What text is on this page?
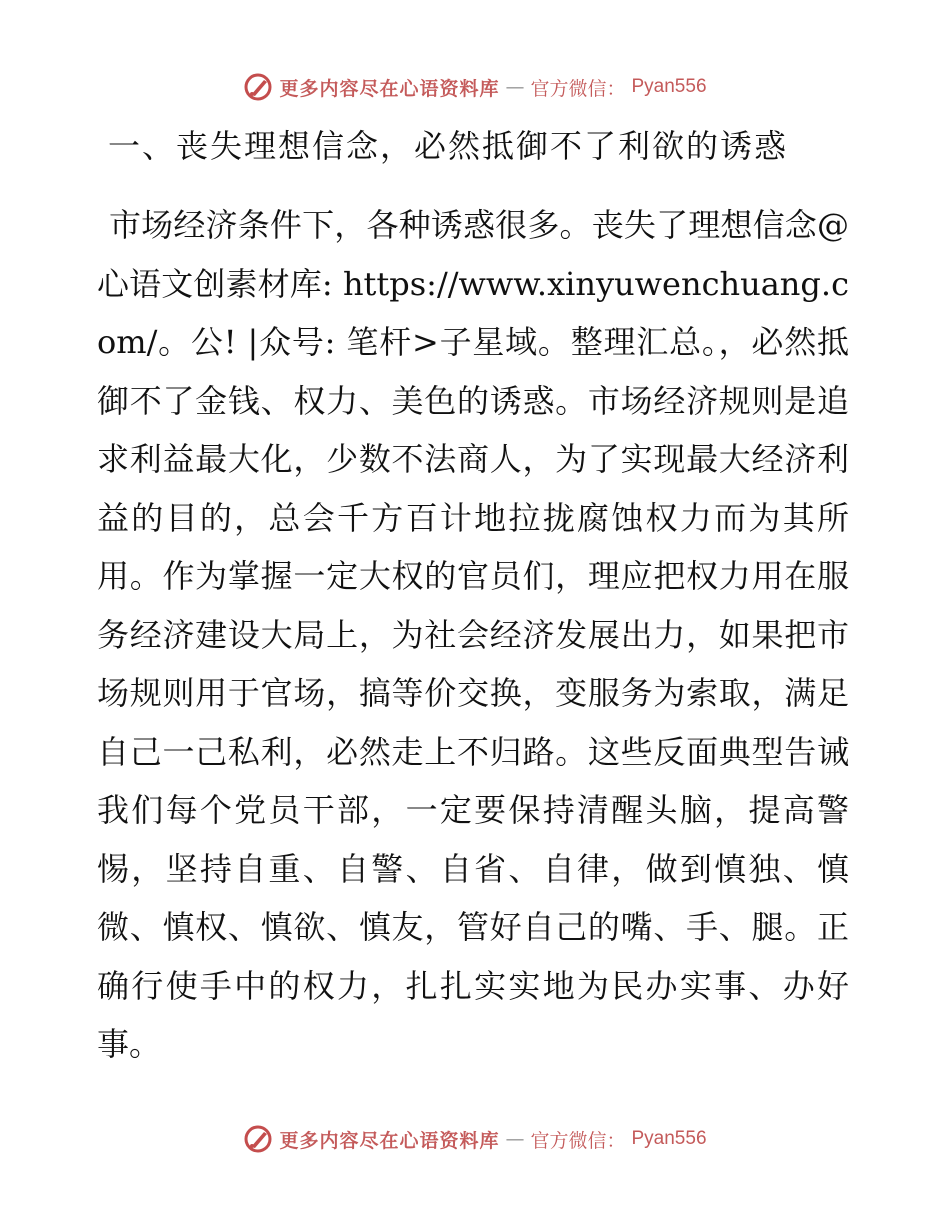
更多内容尽在心语资料库 — 官方微信： Pyan556
一、丧失理想信念，必然抵御不了利欲的诱惑

市场经济条件下，各种诱惑很多。丧失了理想信念@心语文创素材库: https://www.xinyuwenchuang.com/。公! |众号: 笔杆>子星域。整理汇总。，必然抵御不了金钱、权力、美色的诱惑。市场经济规则是追求利益最大化，少数不法商人，为了实现最大经济利益的目的，总会千方百计地拉拢腐蚀权力而为其所用。作为掌握一定大权的官员们，理应把权力用在服务经济建设大局上，为社会经济发展出力，如果把市场规则用于官场，搞等价交换，变服务为索取，满足自己一己私利，必然走上不归路。这些反面典型告诫我们每个党员干部，一定要保持清醒头脑，提高警惕，坚持自重、自警、自省、自律，做到慎独、慎微、慎权、慎欲、慎友，管好自己的嘴、手、腿。正确行使手中的权力，扎扎实实地为民办实事、办好事。

更多内容尽在心语资料库 — 官方微信： Pyan556
